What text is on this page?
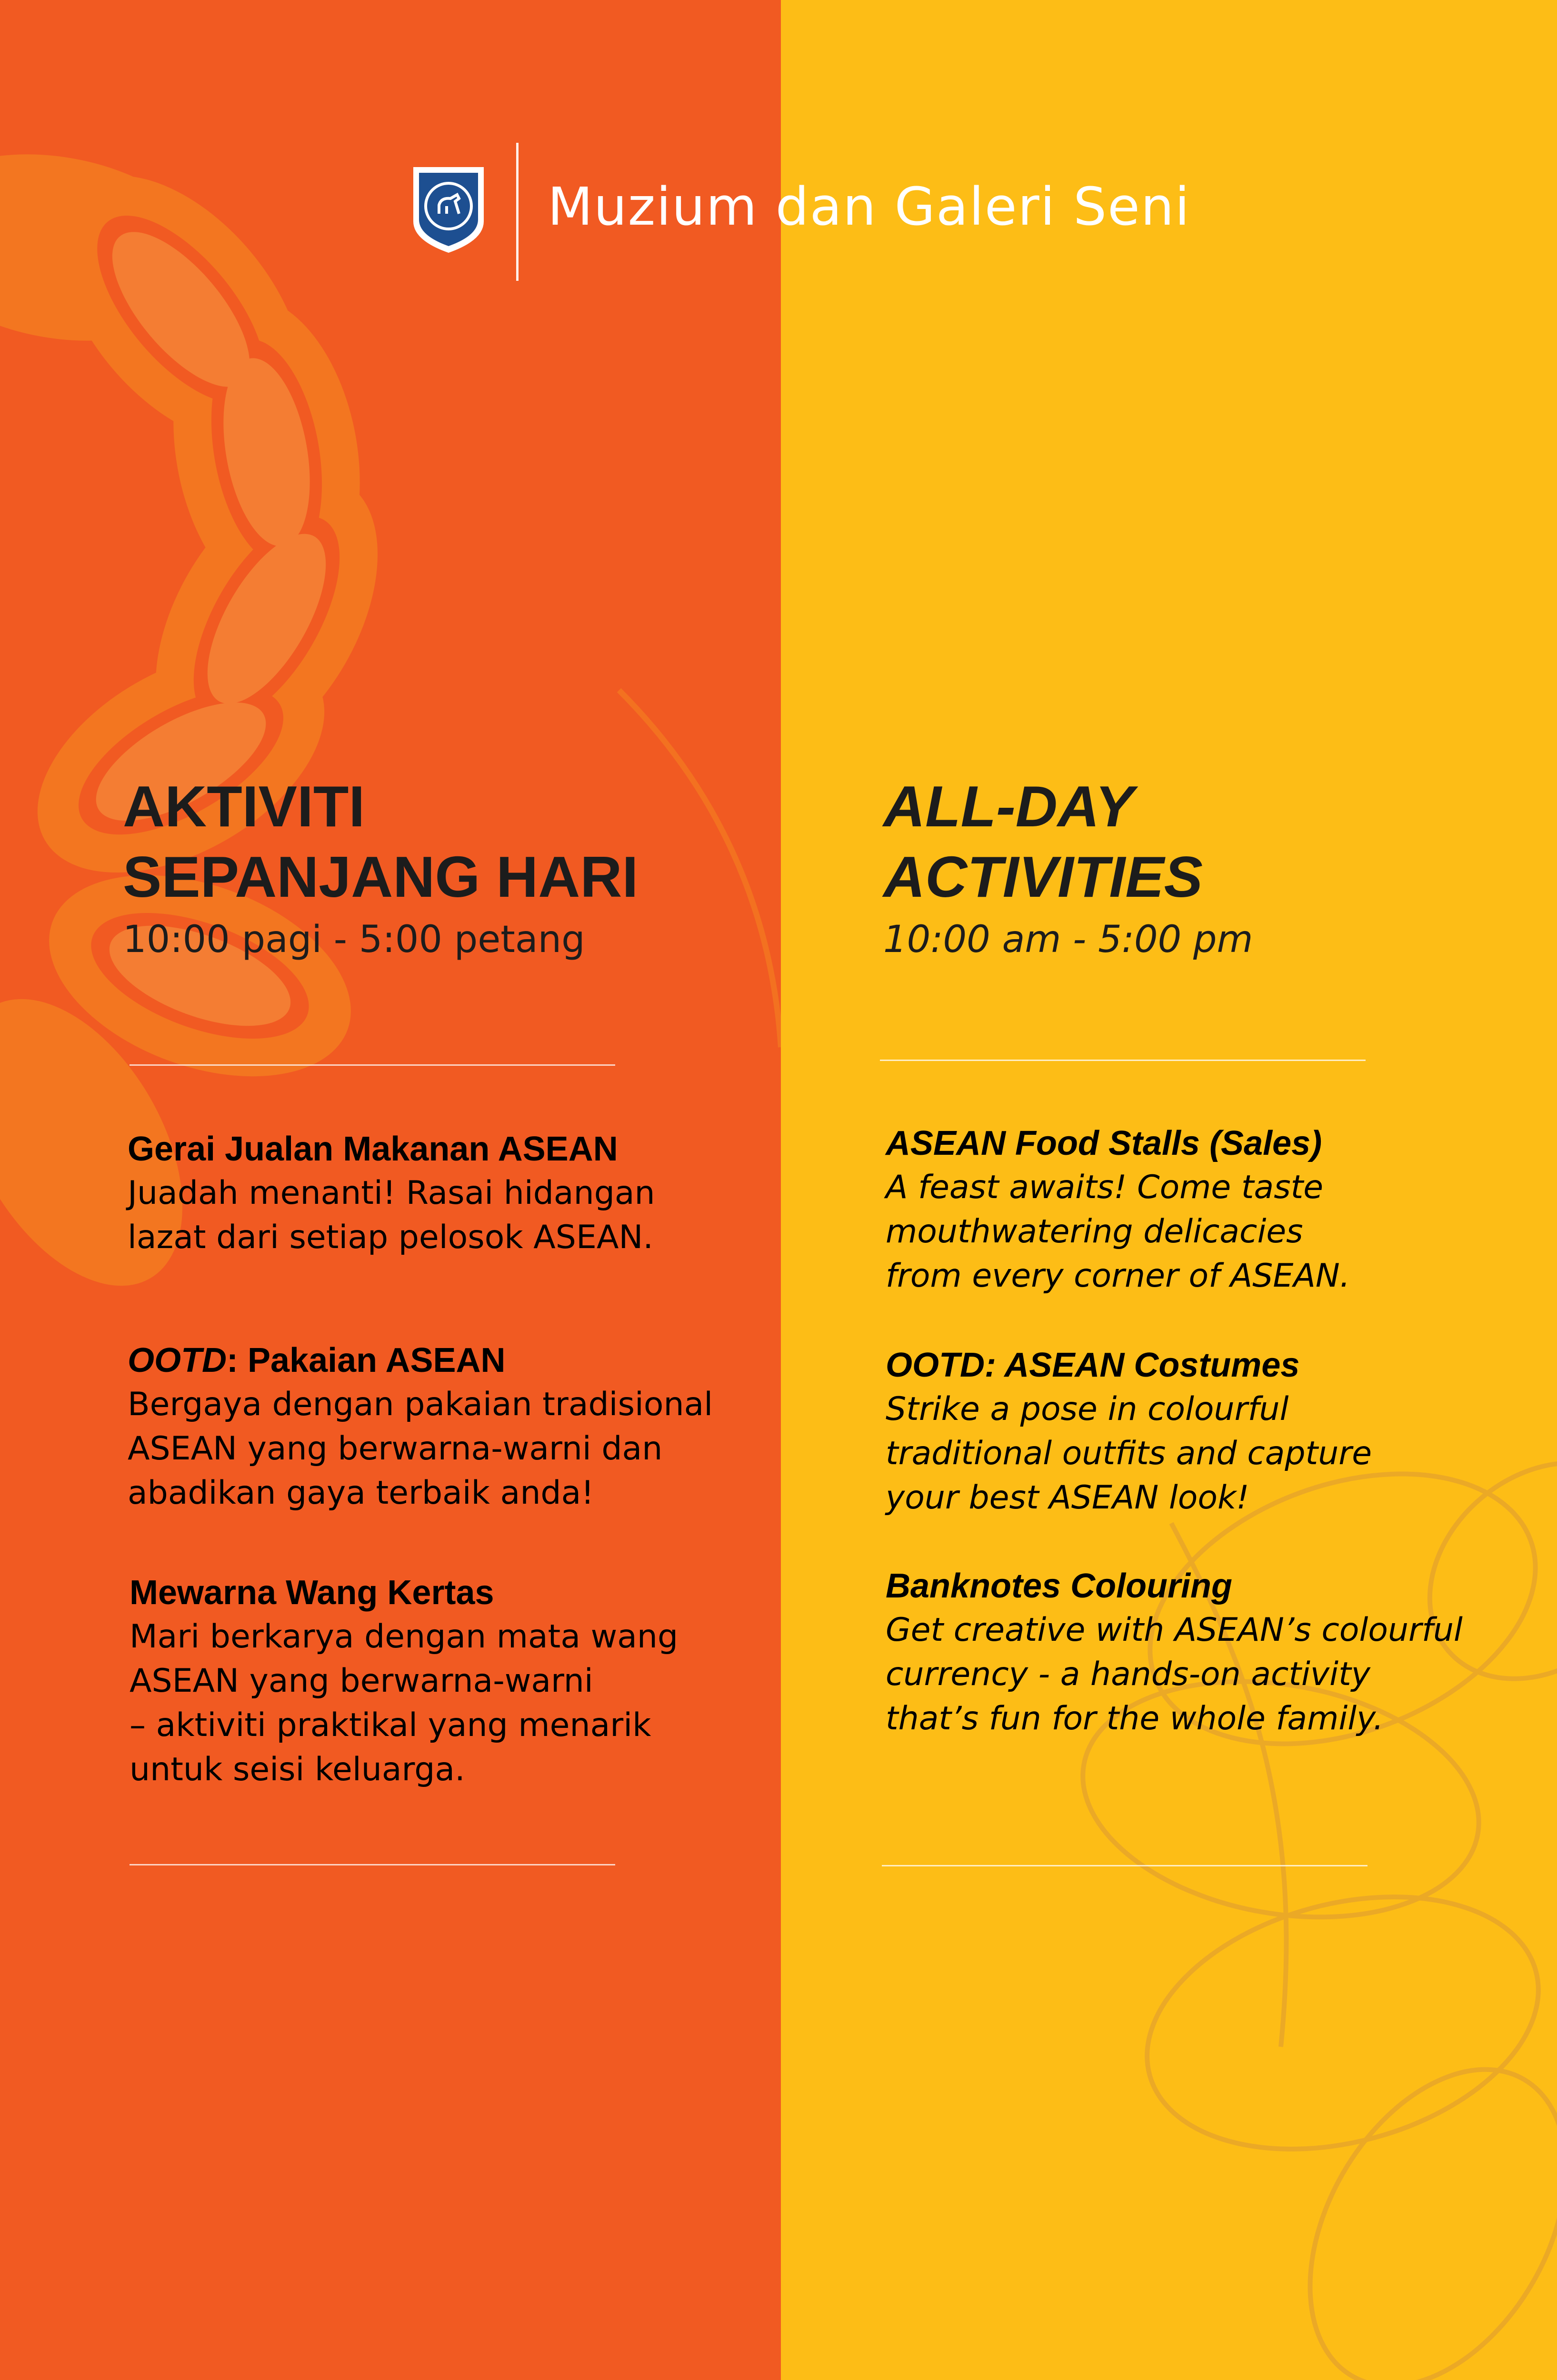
Muzium dan Galeri Seni
AKTIVITI
SEPANJANG HARI
10:00 pagi - 5:00 petang
Gerai Jualan Makanan ASEAN
Juadah menanti! Rasai hidangan
lazat dari setiap pelosok ASEAN.
OOTD: Pakaian ASEAN
Bergaya dengan pakaian tradisional
ASEAN yang berwarna-warni dan
abadikan gaya terbaik anda!
Mewarna Wang Kertas
Mari berkarya dengan mata wang
ASEAN yang berwarna-warni
– aktiviti praktikal yang menarik
untuk seisi keluarga.
ALL-DAY
ACTIVITIES
10:00 am - 5:00 pm
ASEAN Food Stalls (Sales)
A feast awaits! Come taste
mouthwatering delicacies
from every corner of ASEAN.
OOTD: ASEAN Costumes
Strike a pose in colourful
traditional outfits and capture
your best ASEAN look!
Banknotes Colouring
Get creative with ASEAN’s colourful
currency - a hands-on activity
that’s fun for the whole family.
